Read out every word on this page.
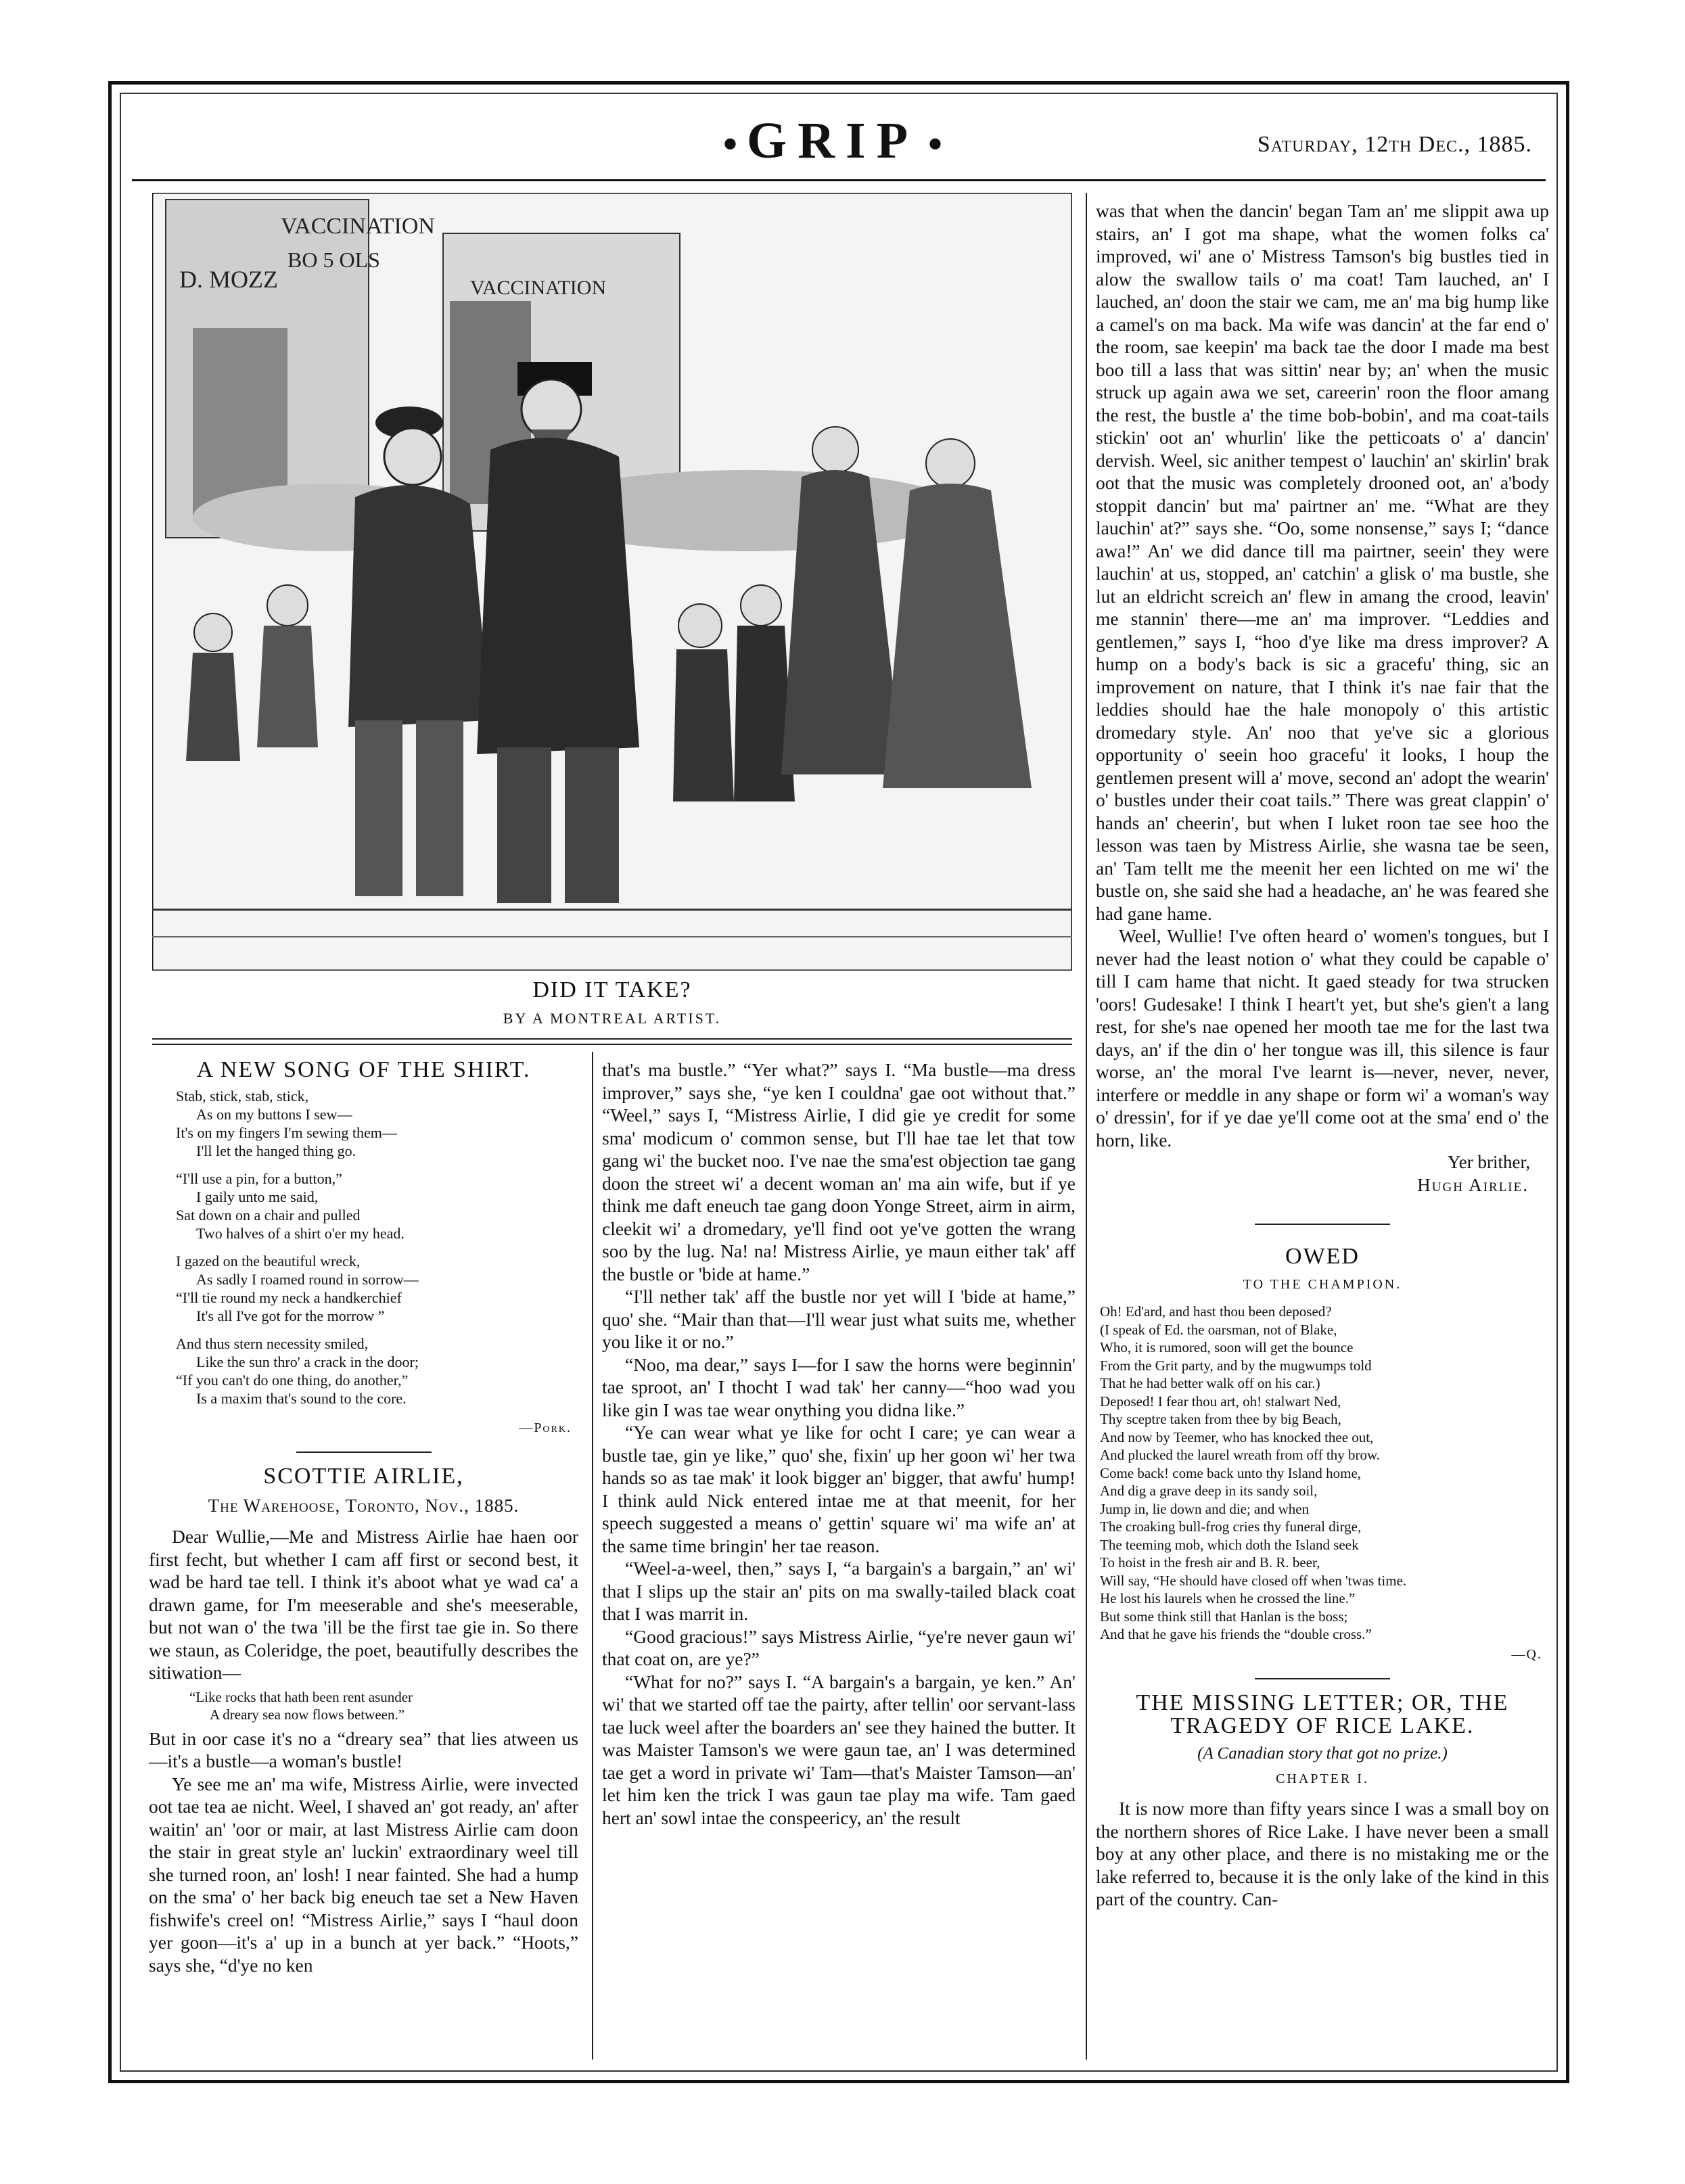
• GRIP •	Saturday, 12th Dec., 1885.
VACCINATION
BO 5 OLS
D. MOZZ	VACCINATION
DID IT TAKE?
BY A MONTREAL ARTIST.
A NEW SONG OF THE SHIRT.
Stab, stick, stab, stick,
As on my buttons I sew—
It's on my fingers I'm sewing them—
I'll let the hanged thing go.
“I'll use a pin, for a button,”
I gaily unto me said,
Sat down on a chair and pulled
Two halves of a shirt o'er my head.
I gazed on the beautiful wreck,
As sadly I roamed round in sorrow—
“I'll tie round my neck a handkerchief
It's all I've got for the morrow ”
And thus stern necessity smiled,
Like the sun thro' a crack in the door;
“If you can't do one thing, do another,”
Is a maxim that's sound to the core.
—Pork.
SCOTTIE AIRLIE,
The Warehoose, Toronto, Nov., 1885.

Dear Wullie,—Me and Mistress Airlie hae haen oor first fecht, but whether I cam aff first or second best, it wad be hard tae tell. I think it's aboot what ye wad ca' a drawn game, for I'm meeserable and she's meeserable, but not wan o' the twa 'ill be the first tae gie in. So there we staun, as Coleridge, the poet, beautifully describes the sitiwation—

“Like rocks that hath been rent asunder
A dreary sea now flows between.”

But in oor case it's no a “dreary sea” that lies atween us—it's a bustle—a woman's bustle!

Ye see me an' ma wife, Mistress Airlie, were invected oot tae tea ae nicht. Weel, I shaved an' got ready, an' after waitin' an' 'oor or mair, at last Mistress Airlie cam doon the stair in great style an' luckin' extraordinary weel till she turned roon, an' losh! I near fainted. She had a hump on the sma' o' her back big eneuch tae set a New Haven fishwife's creel on! “Mistress Airlie,” says I “haul doon yer goon—it's a' up in a bunch at yer back.” “Hoots,” says she, “d'ye no ken

that's ma bustle.” “Yer what?” says I. “Ma bustle—ma dress improver,” says she, “ye ken I couldna' gae oot without that.” “Weel,” says I, “Mistress Airlie, I did gie ye credit for some sma' modicum o' common sense, but I'll hae tae let that tow gang wi' the bucket noo. I've nae the sma'est objection tae gang doon the street wi' a decent woman an' ma ain wife, but if ye think me daft eneuch tae gang doon Yonge Street, airm in airm, cleekit wi' a dromedary, ye'll find oot ye've gotten the wrang soo by the lug. Na! na! Mistress Airlie, ye maun either tak' aff the bustle or 'bide at hame.”

“I'll nether tak' aff the bustle nor yet will I 'bide at hame,” quo' she. “Mair than that—I'll wear just what suits me, whether you like it or no.”

“Noo, ma dear,” says I—for I saw the horns were beginnin' tae sproot, an' I thocht I wad tak' her canny—“hoo wad you like gin I was tae wear onything you didna like.”

“Ye can wear what ye like for ocht I care; ye can wear a bustle tae, gin ye like,” quo' she, fixin' up her goon wi' her twa hands so as tae mak' it look bigger an' bigger, that awfu' hump! I think auld Nick entered intae me at that meenit, for her speech suggested a means o' gettin' square wi' ma wife an' at the same time bringin' her tae reason.

“Weel-a-weel, then,” says I, “a bargain's a bargain,” an' wi' that I slips up the stair an' pits on ma swally-tailed black coat that I was marrit in.

“Good gracious!” says Mistress Airlie, “ye're never gaun wi' that coat on, are ye?”

“What for no?” says I. “A bargain's a bargain, ye ken.” An' wi' that we started off tae the pairty, after tellin' oor servant-lass tae luck weel after the boarders an' see they hained the butter. It was Maister Tamson's we were gaun tae, an' I was determined tae get a word in private wi' Tam—that's Maister Tamson—an' let him ken the trick I was gaun tae play ma wife. Tam gaed hert an' sowl intae the conspeericy, an' the result

was that when the dancin' began Tam an' me slippit awa up stairs, an' I got ma shape, what the women folks ca' improved, wi' ane o' Mistress Tamson's big bustles tied in alow the swallow tails o' ma coat! Tam lauched, an' I lauched, an' doon the stair we cam, me an' ma big hump like a camel's on ma back. Ma wife was dancin' at the far end o' the room, sae keepin' ma back tae the door I made ma best boo till a lass that was sittin' near by; an' when the music struck up again awa we set, careerin' roon the floor amang the rest, the bustle a' the time bob-bobin', and ma coat-tails stickin' oot an' whurlin' like the petticoats o' a' dancin' dervish. Weel, sic anither tempest o' lauchin' an' skirlin' brak oot that the music was completely drooned oot, an' a'body stoppit dancin' but ma' pairtner an' me. “What are they lauchin' at?” says she. “Oo, some nonsense,” says I; “dance awa!” An' we did dance till ma pairtner, seein' they were lauchin' at us, stopped, an' catchin' a glisk o' ma bustle, she lut an eldricht screich an' flew in amang the crood, leavin' me stannin' there—me an' ma improver. “Leddies and gentlemen,” says I, “hoo d'ye like ma dress improver? A hump on a body's back is sic a gracefu' thing, sic an improvement on nature, that I think it's nae fair that the leddies should hae the hale monopoly o' this artistic dromedary style. An' noo that ye've sic a glorious opportunity o' seein hoo gracefu' it looks, I houp the gentlemen present will a' move, second an' adopt the wearin' o' bustles under their coat tails.” There was great clappin' o' hands an' cheerin', but when I luket roon tae see hoo the lesson was taen by Mistress Airlie, she wasna tae be seen, an' Tam tellt me the meenit her een lichted on me wi' the bustle on, she said she had a headache, an' he was feared she had gane hame.

Weel, Wullie! I've often heard o' women's tongues, but I never had the least notion o' what they could be capable o' till I cam hame that nicht. It gaed steady for twa strucken 'oors! Gudesake! I think I heart't yet, but she's gien't a lang rest, for she's nae opened her mooth tae me for the last twa days, an' if the din o' her tongue was ill, this silence is faur worse, an' the moral I've learnt is—never, never, never, interfere or meddle in any shape or form wi' a woman's way o' dressin', for if ye dae ye'll come oot at the sma' end o' the horn, like.

Yer brither,
Hugh Airlie.
OWED
TO THE CHAMPION.
Oh! Ed'ard, and hast thou been deposed?
(I speak of Ed. the oarsman, not of Blake,
Who, it is rumored, soon will get the bounce
From the Grit party, and by the mugwumps told
That he had better walk off on his car.)
Deposed! I fear thou art, oh! stalwart Ned,
Thy sceptre taken from thee by big Beach,
And now by Teemer, who has knocked thee out,
And plucked the laurel wreath from off thy brow.
Come back! come back unto thy Island home,
And dig a grave deep in its sandy soil,
Jump in, lie down and die; and when
The croaking bull-frog cries thy funeral dirge,
The teeming mob, which doth the Island seek
To hoist in the fresh air and B. R. beer,
Will say, “He should have closed off when 'twas time.
He lost his laurels when he crossed the line.”
But some think still that Hanlan is the boss;
And that he gave his friends the “double cross.”
—Q.
THE MISSING LETTER; OR, THE
TRAGEDY OF RICE LAKE.
(A Canadian story that got no prize.)
CHAPTER I.

It is now more than fifty years since I was a small boy on the northern shores of Rice Lake. I have never been a small boy at any other place, and there is no mistaking me or the lake referred to, because it is the only lake of the kind in this part of the country. Can-
